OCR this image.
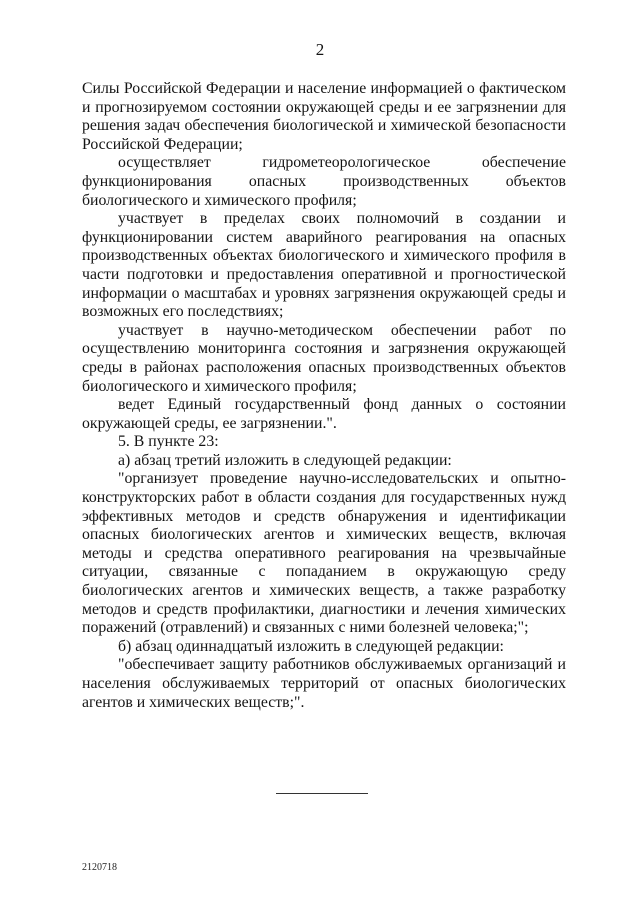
2

Силы Российской Федерации и население информацией о фактическом и прогнозируемом состоянии окружающей среды и ее загрязнении для решения задач обеспечения биологической и химической безопасности Российской Федерации;

осуществляет гидрометеорологическое обеспечение функционирования опасных производственных объектов биологического и химического профиля;

участвует в пределах своих полномочий в создании и функционировании систем аварийного реагирования на опасных производственных объектах биологического и химического профиля в части подготовки и предоставления оперативной и прогностической информации о масштабах и уровнях загрязнения окружающей среды и возможных его последствиях;

участвует в научно-методическом обеспечении работ по осуществлению мониторинга состояния и загрязнения окружающей среды в районах расположения опасных производственных объектов биологического и химического профиля;

ведет Единый государственный фонд данных о состоянии окружающей среды, ее загрязнении.".

5. В пункте 23:

а) абзац третий изложить в следующей редакции:

"организует проведение научно-исследовательских и опытно-конструкторских работ в области создания для государственных нужд эффективных методов и средств обнаружения и идентификации опасных биологических агентов и химических веществ, включая методы и средства оперативного реагирования на чрезвычайные ситуации, связанные с попаданием в окружающую среду биологических агентов и химических веществ, а также разработку методов и средств профилактики, диагностики и лечения химических поражений (отравлений) и связанных с ними болезней человека;";

б) абзац одиннадцатый изложить в следующей редакции:

"обеспечивает защиту работников обслуживаемых организаций и населения обслуживаемых территорий от опасных биологических агентов и химических веществ;".

2120718
